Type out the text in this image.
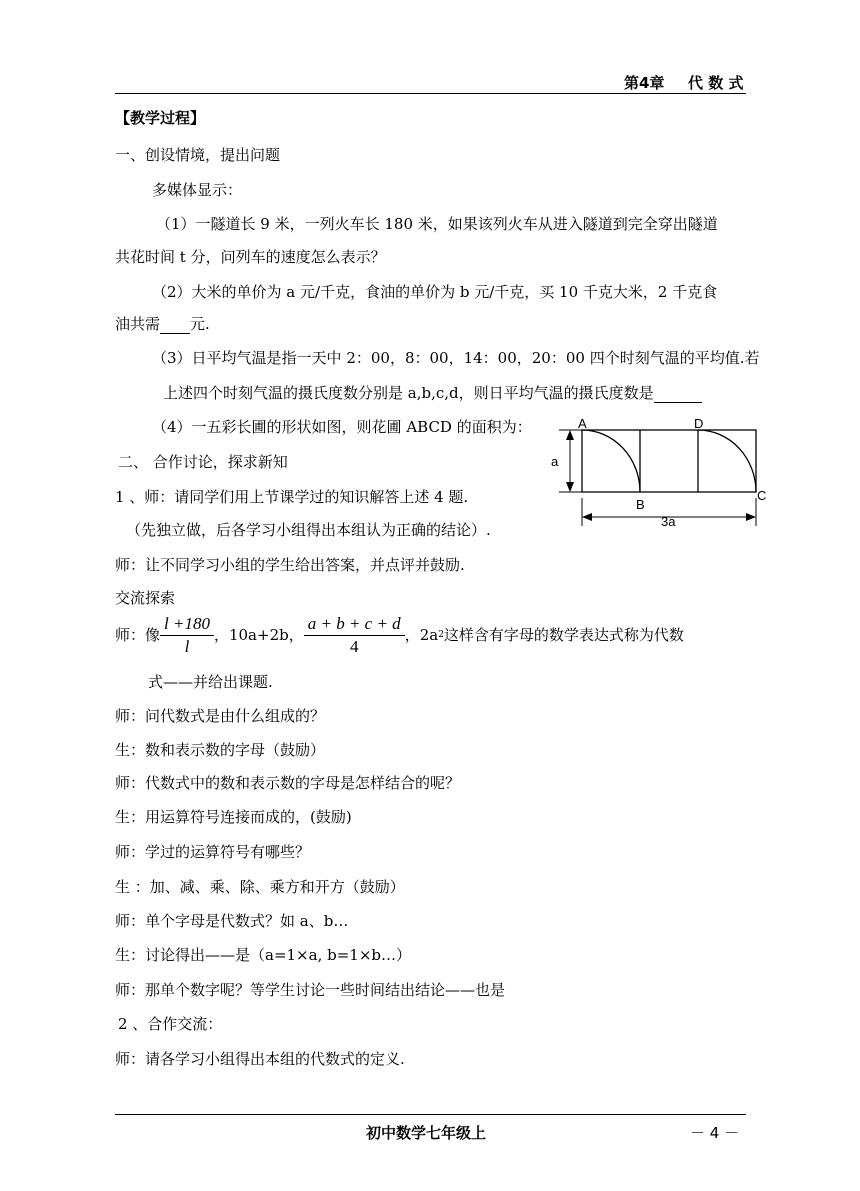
第4章 代 数 式
【教学过程】
一、创设情境，提出问题
多媒体显示：
（1）一隧道长 9 米，一列火车长 180 米，如果该列火车从进入隧道到完全穿出隧道
共花时间 t 分，问列车的速度怎么表示？
（2）大米的单价为 a 元/千克，食油的单价为 b 元/千克，买 10 千克大米，2 千克食
油共需 元.
（3）日平均气温是指一天中 2：00，8：00，14：00，20：00 四个时刻气温的平均值.若
上述四个时刻气温的摄氏度数分别是 a,b,c,d，则日平均气温的摄氏度数是
（4）一五彩长圃的形状如图，则花圃 ABCD 的面积为：	A	D
B
C
a
3a
二、 合作讨论，探求新知
1 、师：请同学们用上节课学过的知识解答上述 4 题.
（先独立做，后各学习小组得出本组认为正确的结论）.
师：让不同学习小组的学生给出答案，并点评并鼓励.
交流探索
师：像 $\frac{l +180}{l}$ ，10a+2b， $\frac{a + b + c + d}{4}$ ，2a 2 这样含有字母的数学表达式称为代数
式——并给出课题.
师：问代数式是由什么组成的？
生：数和表示数的字母（鼓励）
师：代数式中的数和表示数的字母是怎样结合的呢？
生：用运算符号连接而成的，(鼓励)
师：学过的运算符号有哪些？
生 ：加、减、乘、除、乘方和开方（鼓励）
师：单个字母是代数式？如 a、b…
生：讨论得出——是（a=1×a, b=1×b…）
师：那单个数字呢？等学生讨论一些时间结出结论——也是
2 、合作交流：
师：请各学习小组得出本组的代数式的定义.
初中数学七年级上	－ 4 －
